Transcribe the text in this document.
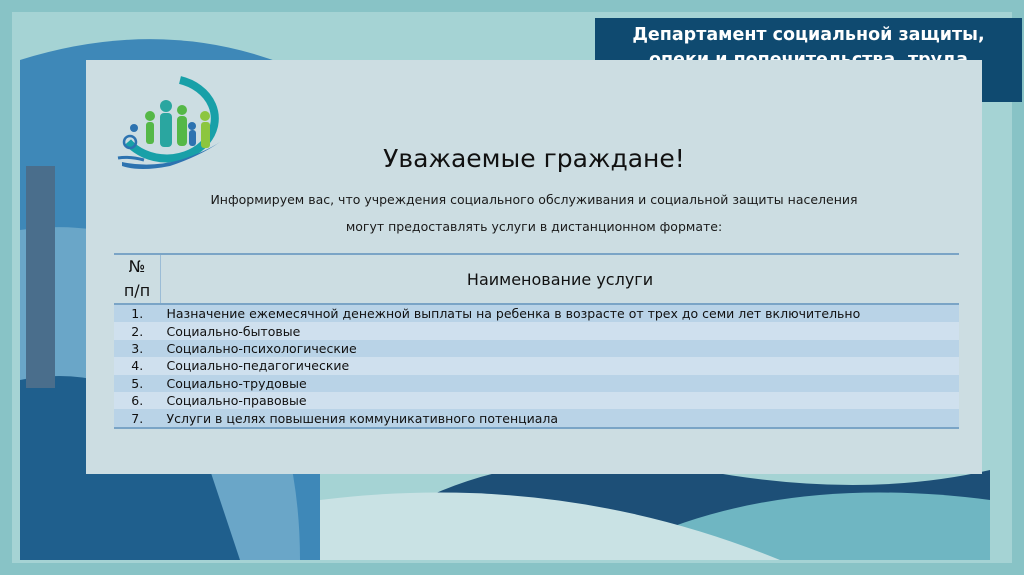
Департамент социальной защиты,
Уважаемые граждане!
Информируем вас, что учреждения социального обслуживания и социальной защиты населения
могут предоставлять услуги в дистанционном формате:
№
п/п	Наименование услуги
1.	Назначение ежемесячной денежной выплаты на ребенка в возрасте от трех до семи лет включительно
2.	Социально-бытовые
3.	Социально-психологические
4.	Социально-педагогические
5.	Социально-трудовые
6.	Социально-правовые
7.	Услуги в целях повышения коммуникативного потенциала
